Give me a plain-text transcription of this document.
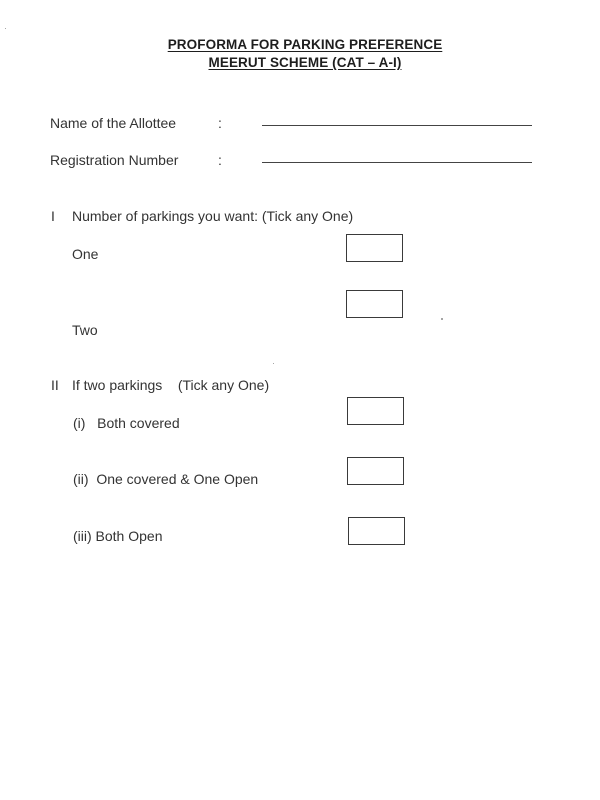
PROFORMA FOR PARKING PREFERENCE
MEERUT SCHEME (CAT – A-I)
Name of the Allottee	:
Registration Number	:
I Number of parkings you want: (Tick any One)
One
Two
II If two parkings    (Tick any One)
(i)   Both covered
(ii)  One covered & One Open
(iii) Both Open
